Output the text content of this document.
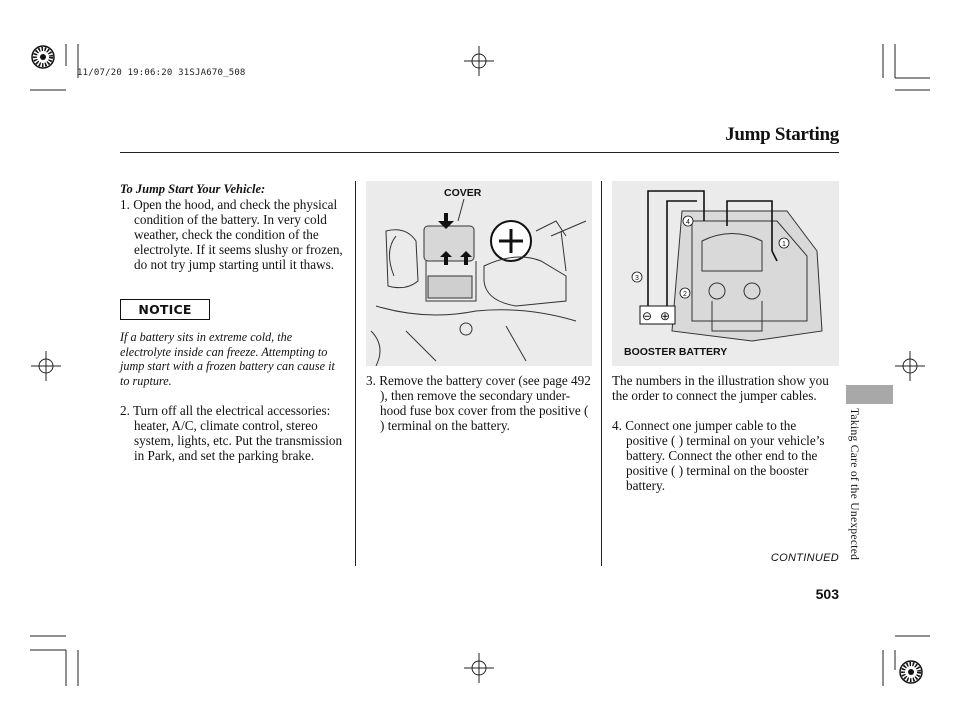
11/07/20 19:06:20 31SJA670_508
Jump Starting

To Jump Start Your Vehicle:

1. Open the hood, and check the physical condition of the battery. In very cold weather, check the condition of the electrolyte. If it seems slushy or frozen, do not try jump starting until it thaws.

NOTICE
If a battery sits in extreme cold, the electrolyte inside can freeze. Attempting to jump start with a frozen battery can cause it to rupture.

2. Turn off all the electrical accessories: heater, A/C, climate control, stereo system, lights, etc. Put the transmission in Park, and set the parking brake.

COVER

3. Remove the battery cover (see page 492 ), then remove the secondary under-hood fuse box cover from the positive ( ) terminal on the battery.

⊖ ⊕
1
2
3
4
BOOSTER BATTERY

The numbers in the illustration show you the order to connect the jumper cables.

4. Connect one jumper cable to the positive ( ) terminal on your vehicle’s battery. Connect the other end to the positive ( ) terminal on the booster battery.	Taking Care of the Unexpected
CONTINUED
503
